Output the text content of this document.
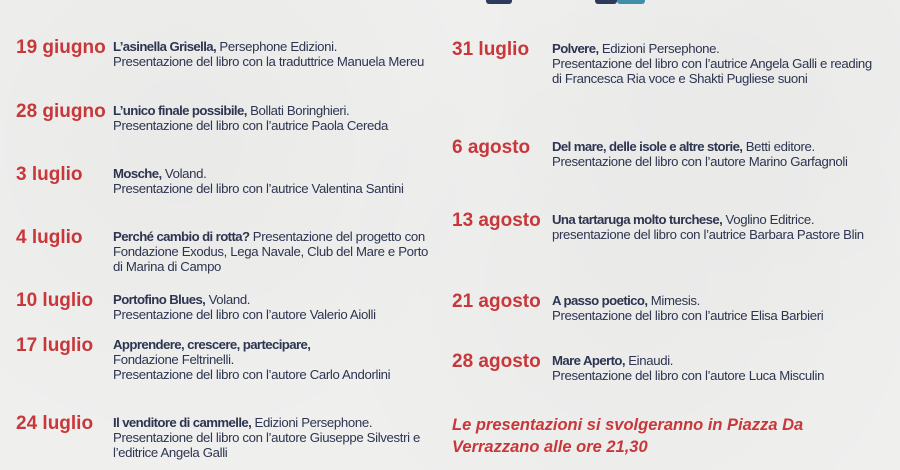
19 giugno L’asinella Grisella, Persephone Edizioni.
Presentazione del libro con la traduttrice Manuela Mereu
28 giugno L’unico finale possibile, Bollati Boringhieri.
Presentazione del libro con l’autrice Paola Cereda
3 luglio	Mosche, Voland.
Presentazione del libro con l’autrice Valentina Santini
4 luglio	Perché cambio di rotta? Presentazione del progetto con Fondazione Exodus, Lega Navale, Club del Mare e Porto di Marina di Campo
10 luglio	Portofino Blues, Voland.
Presentazione del libro con l’autore Valerio Aiolli
17 luglio	Apprendere, crescere, partecipare,
Fondazione Feltrinelli.
Presentazione del libro con l’autore Carlo Andorlini
24 luglio	Il venditore di cammelle, Edizioni Persephone.
Presentazione del libro con l’autore Giuseppe Silvestri e l’editrice Angela Galli
31 luglio	Polvere, Edizioni Persephone.
Presentazione del libro con l’autrice Angela Galli e reading di Francesca Ria voce e Shakti Pugliese suoni
6 agosto	Del mare, delle isole e altre storie, Betti editore.
Presentazione del libro con l’autore Marino Garfagnoli
13 agosto Una tartaruga molto turchese, Voglino Editrice.
presentazione del libro con l’autrice Barbara Pastore Blin
21 agosto A passo poetico, Mimesis.
Presentazione del libro con l’autrice Elisa Barbieri
28 agosto Mare Aperto, Einaudi.
Presentazione del libro con l’autore Luca Misculin
Le presentazioni si svolgeranno in Piazza Da Verrazzano alle ore 21,30
